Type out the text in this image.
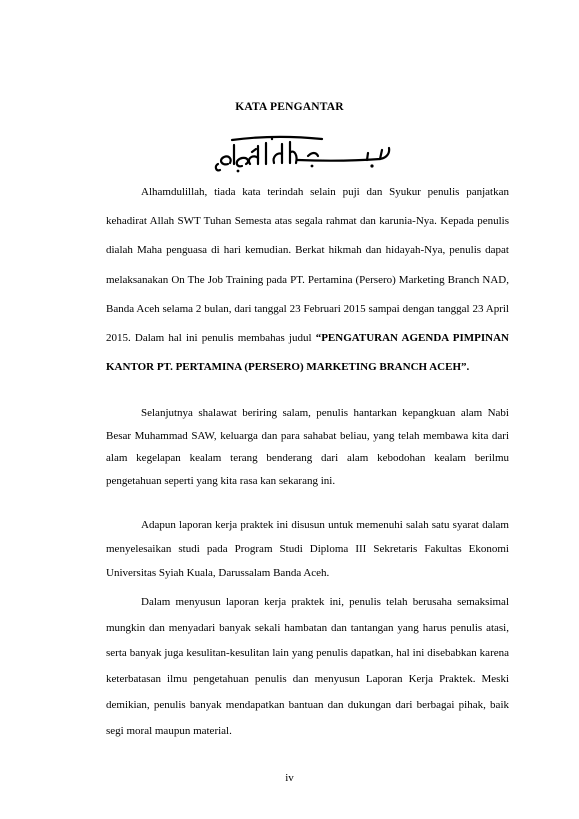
KATA PENGANTAR

Alhamdulillah, tiada kata terindah selain puji dan Syukur penulis panjatkan kehadirat Allah SWT Tuhan Semesta atas segala rahmat dan karunia-Nya. Kepada penulis dialah Maha penguasa di hari kemudian. Berkat hikmah dan hidayah-Nya, penulis dapat melaksanakan On The Job Training pada PT. Pertamina (Persero) Marketing Branch NAD, Banda Aceh selama 2 bulan, dari tanggal 23 Februari 2015 sampai dengan tanggal 23 April 2015. Dalam hal ini penulis membahas judul “PENGATURAN AGENDA PIMPINAN KANTOR PT. PERTAMINA (PERSERO) MARKETING BRANCH ACEH”.

Selanjutnya shalawat beriring salam, penulis hantarkan kepangkuan alam Nabi Besar Muhammad SAW, keluarga dan para sahabat beliau, yang telah membawa kita dari alam kegelapan kealam terang benderang dari alam kebodohan kealam berilmu pengetahuan seperti yang kita rasa kan sekarang ini.

Adapun laporan kerja praktek ini disusun untuk memenuhi salah satu syarat dalam menyelesaikan studi pada Program Studi Diploma III Sekretaris Fakultas Ekonomi Universitas Syiah Kuala, Darussalam Banda Aceh.

Dalam menyusun laporan kerja praktek ini, penulis telah berusaha semaksimal mungkin dan menyadari banyak sekali hambatan dan tantangan yang harus penulis atasi, serta banyak juga kesulitan-kesulitan lain yang penulis dapatkan, hal ini disebabkan karena keterbatasan ilmu pengetahuan penulis dan menyusun Laporan Kerja Praktek. Meski demikian, penulis banyak mendapatkan bantuan dan dukungan dari berbagai pihak, baik segi moral maupun material.

iv
